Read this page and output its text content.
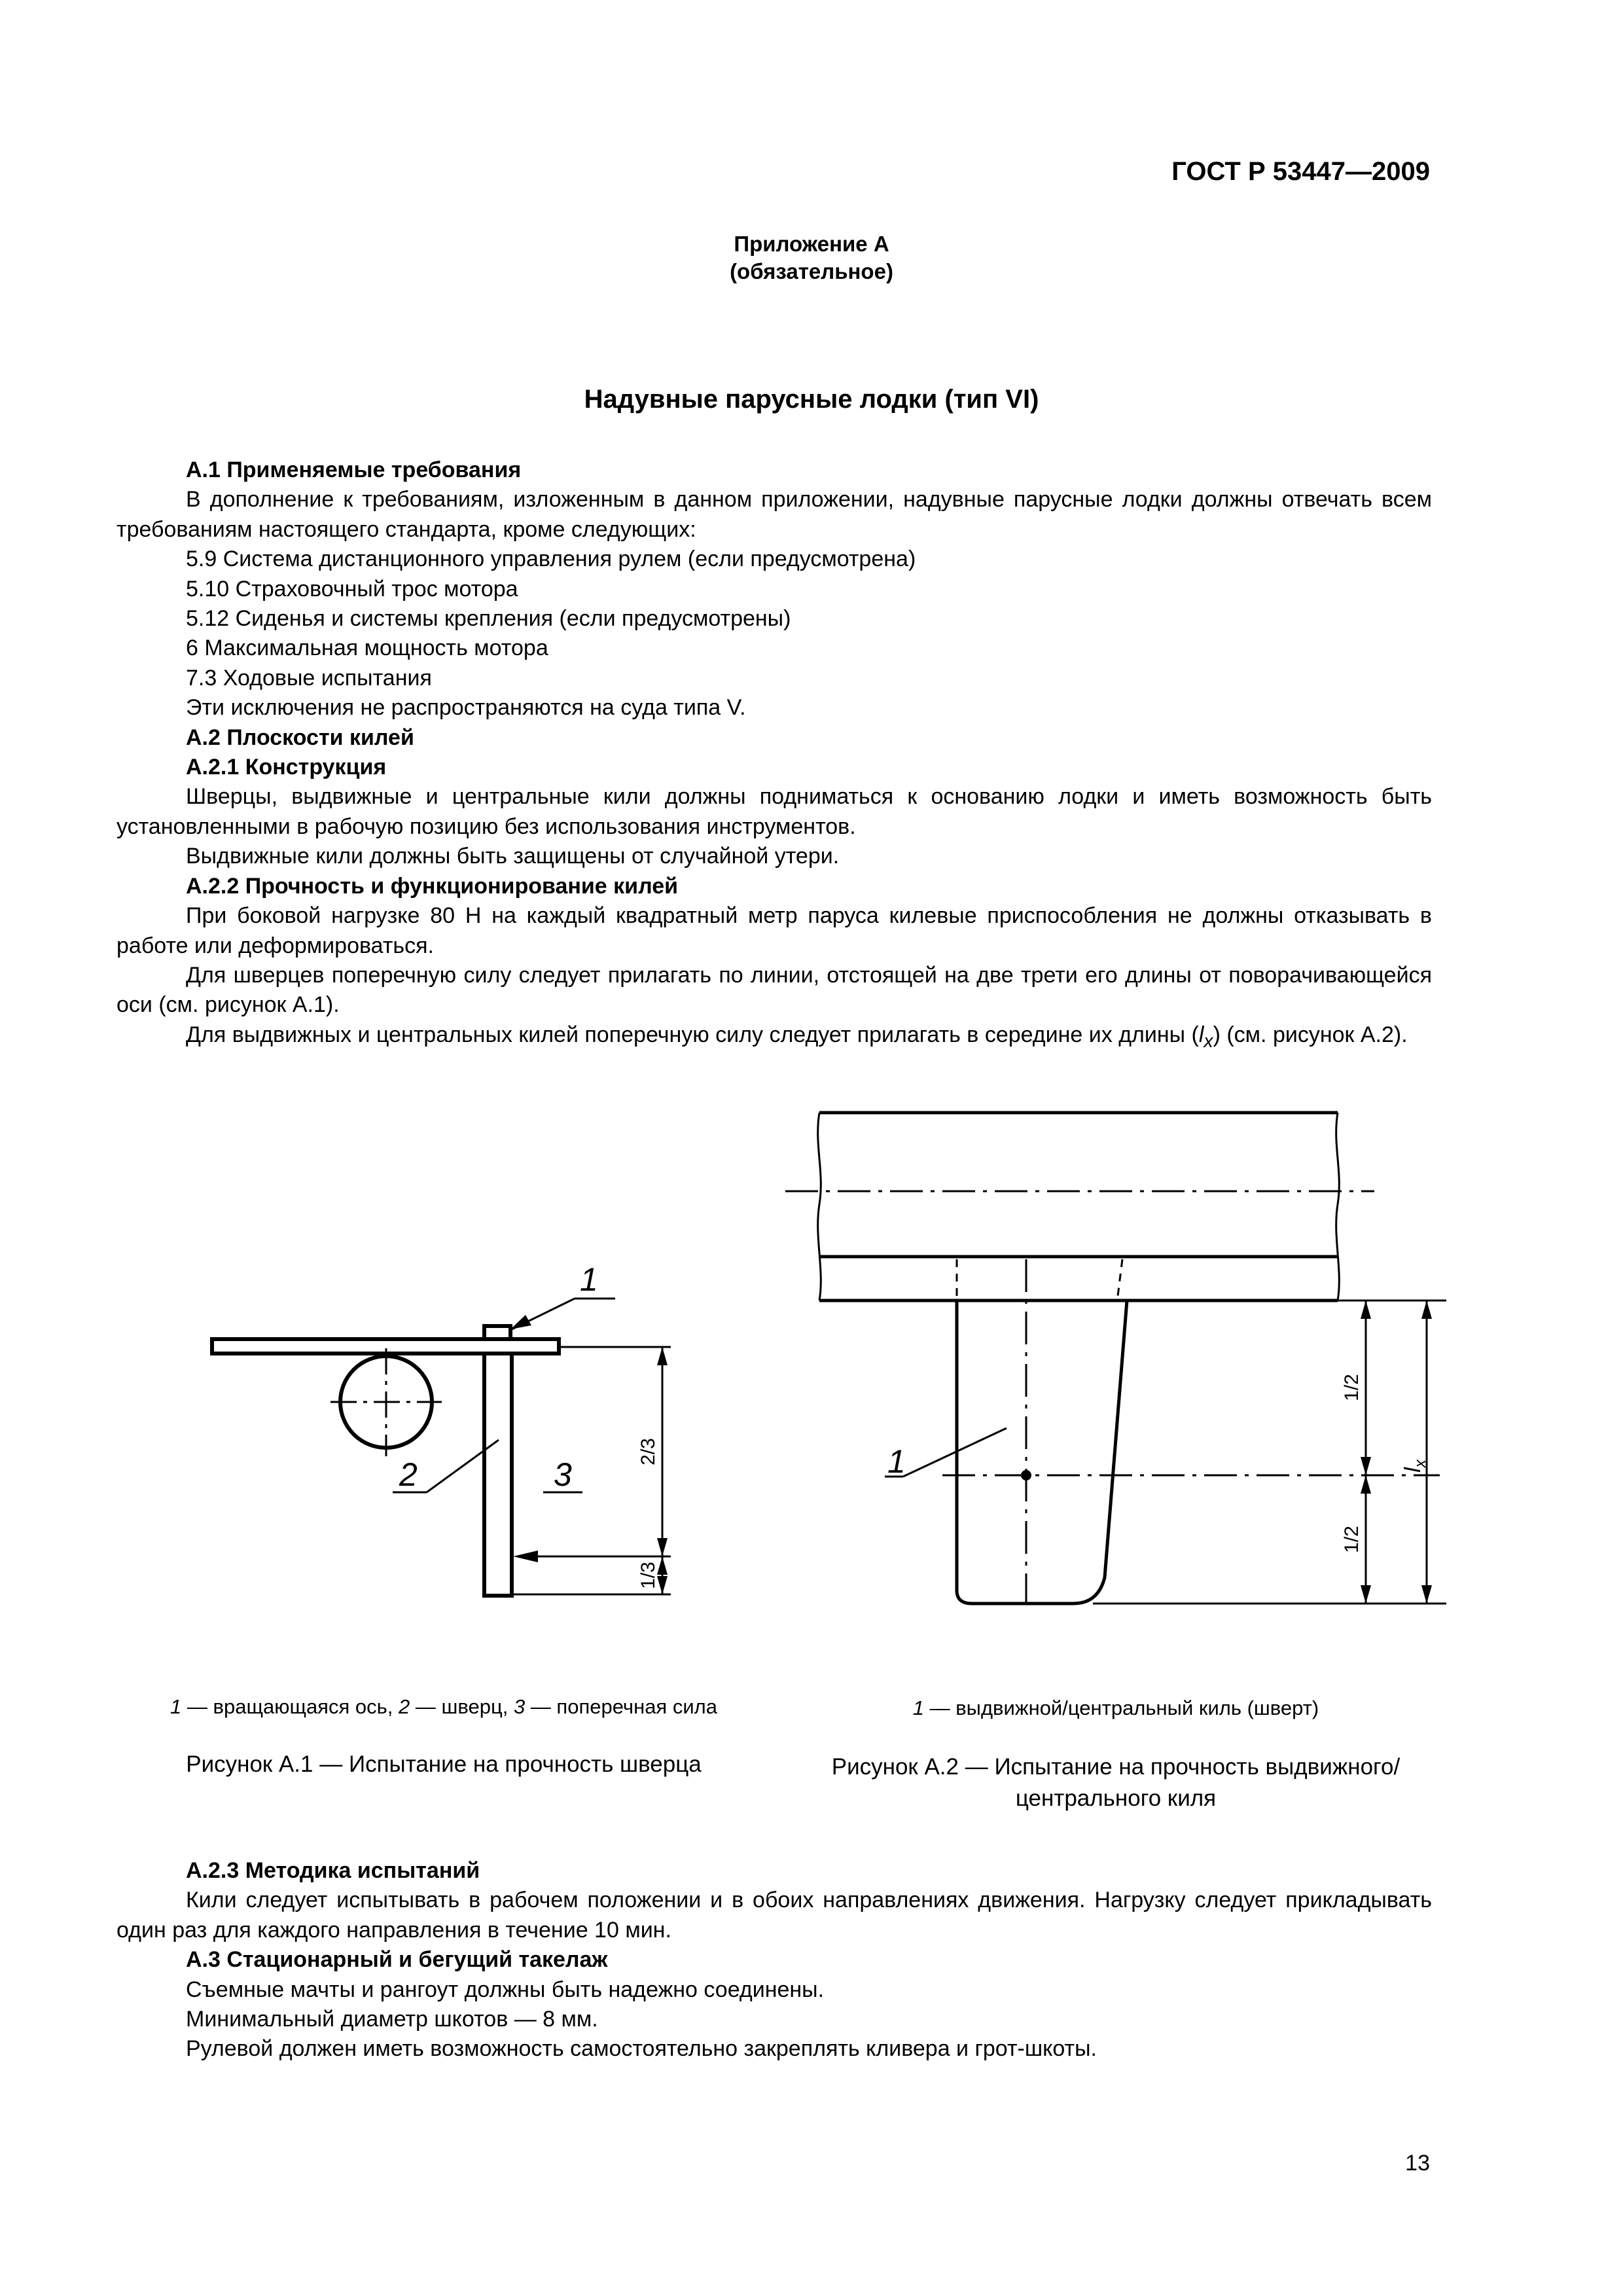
ГОСТ Р 53447—2009
Приложение А
(обязательное)
Надувные парусные лодки (тип VI)

А.1 Применяемые требования

В дополнение к требованиям, изложенным в данном приложении, надувные парусные лодки должны отвечать всем требованиям настоящего стандарта, кроме следующих:

5.9 Система дистанционного управления рулем (если предусмотрена)

5.10 Страховочный трос мотора

5.12 Сиденья и системы крепления (если предусмотрены)

6 Максимальная мощность мотора

7.3 Ходовые испытания

Эти исключения не распространяются на суда типа V.

А.2 Плоскости килей

А.2.1 Конструкция

Шверцы, выдвижные и центральные кили должны подниматься к основанию лодки и иметь возможность быть установленными в рабочую позицию без использования инструментов.

Выдвижные кили должны быть защищены от случайной утери.

А.2.2 Прочность и функционирование килей

При боковой нагрузке 80 Н на каждый квадратный метр паруса килевые приспособления не должны отказывать в работе или деформироваться.

Для шверцев поперечную силу следует прилагать по линии, отстоящей на две трети его длины от поворачивающейся оси (см. рисунок А.1).

Для выдвижных и центральных килей поперечную силу следует прилагать в середине их длины $(l_x)$ (см. рисунок А.2).

1
2	3
2/3
1/3
1
1/2
1/2
$l_x$
1 — вращающаяся ось, 2 — шверц, 3 — поперечная сила
Рисунок А.1 — Испытание на прочность шверца
1 — выдвижной/центральный киль (шверт)
Рисунок А.2 — Испытание на прочность выдвижного/
центрального киля

А.2.3 Методика испытаний

Кили следует испытывать в рабочем положении и в обоих направлениях движения. Нагрузку следует прикладывать один раз для каждого направления в течение 10 мин.

А.3 Стационарный и бегущий такелаж

Съемные мачты и рангоут должны быть надежно соединены.

Минимальный диаметр шкотов — 8 мм.

Рулевой должен иметь возможность самостоятельно закреплять кливера и грот-шкоты.

13
